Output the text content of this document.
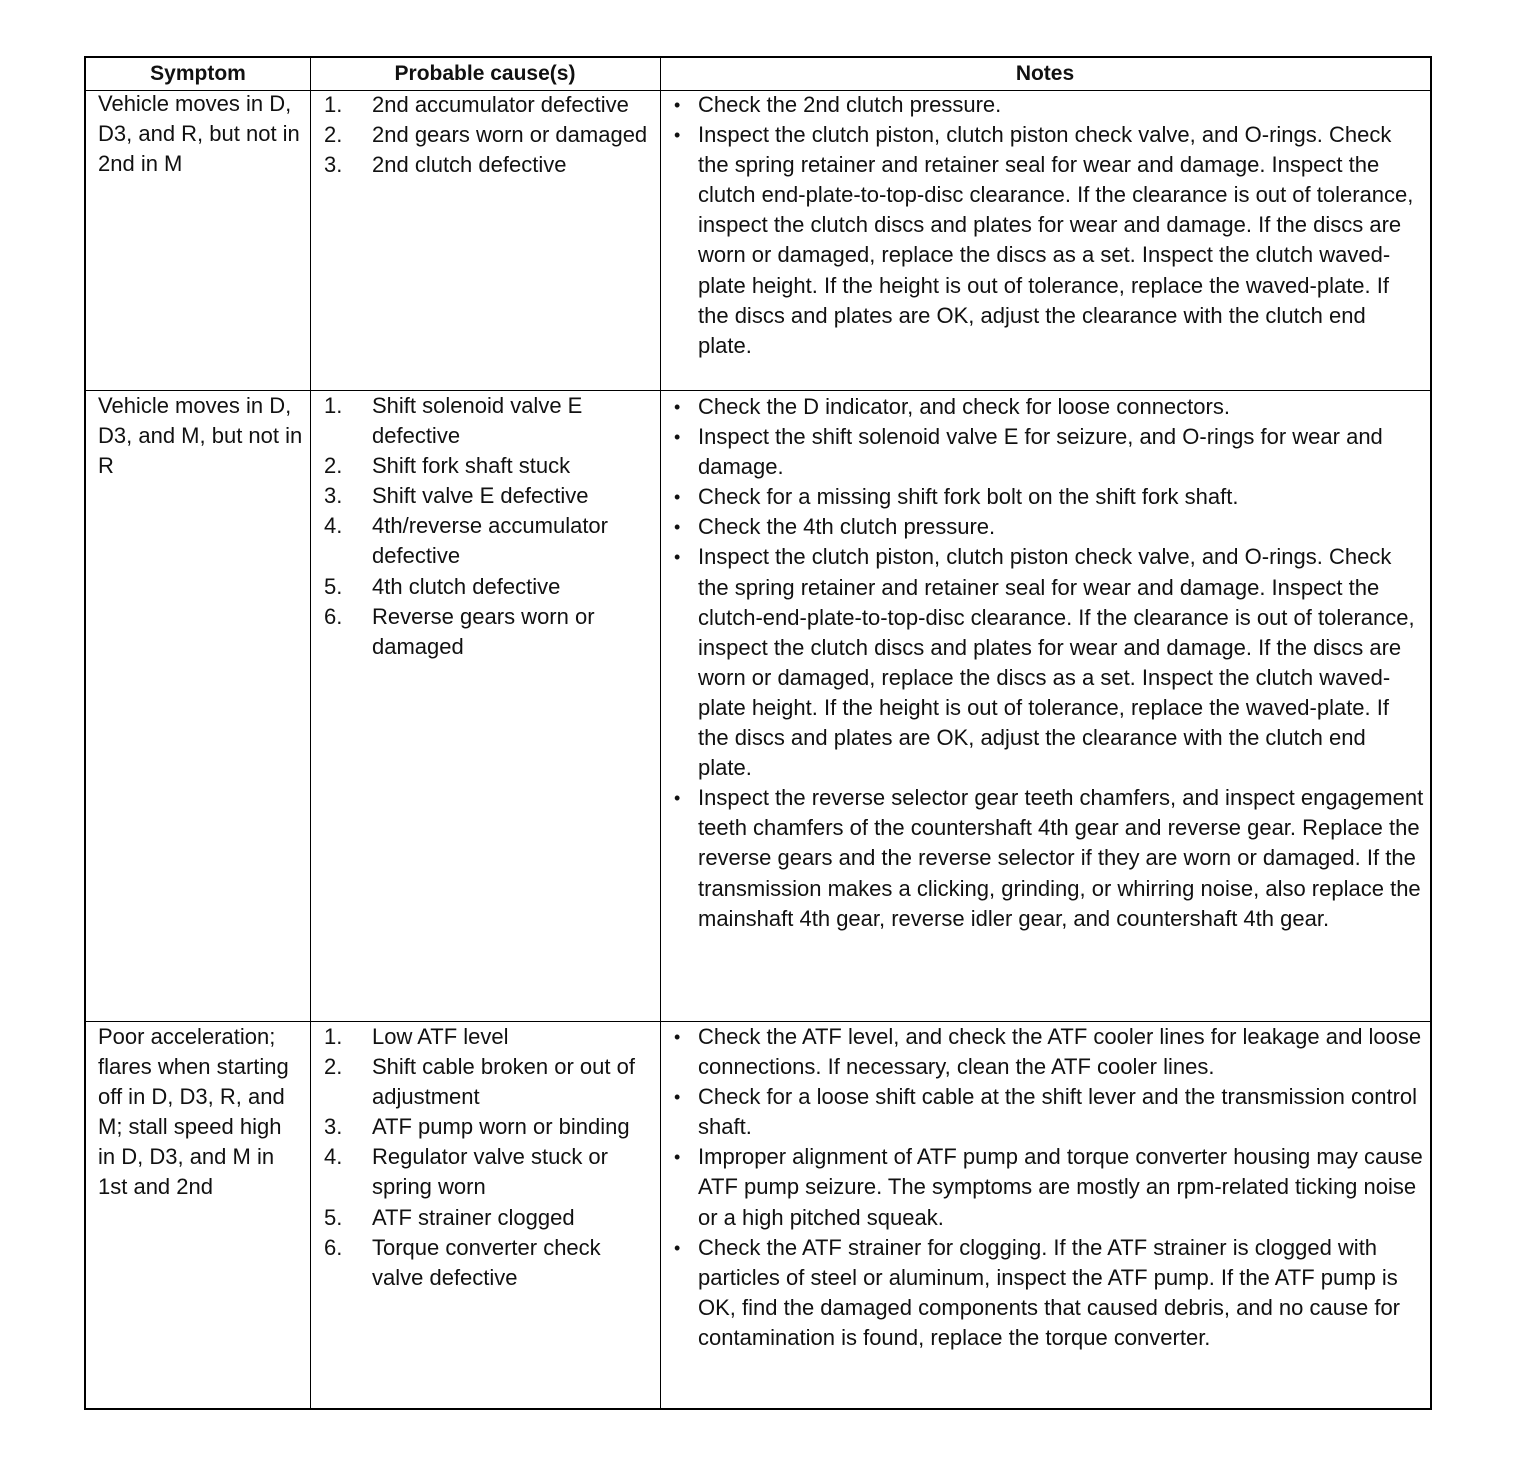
Symptom	Probable cause(s)	Notes
Vehicle moves in D, D3, and R, but not in 2nd in M
1. 2nd accumulator defective
2. 2nd gears worn or damaged
3. 2nd clutch defective
• Check the 2nd clutch pressure.
• Inspect the clutch piston, clutch piston check valve, and O-rings. Check the spring retainer and retainer seal for wear and damage. Inspect the clutch end-plate-to-top-disc clearance. If the clearance is out of tolerance, inspect the clutch discs and plates for wear and damage. If the discs are worn or damaged, replace the discs as a set. Inspect the clutch waved-plate height. If the height is out of tolerance, replace the waved-plate. If the discs and plates are OK, adjust the clearance with the clutch end plate.
Vehicle moves in D, D3, and M, but not in R
1. Shift solenoid valve E defective
2. Shift fork shaft stuck
3. Shift valve E defective
4. 4th/reverse accumulator defective
5. 4th clutch defective
6. Reverse gears worn or damaged
• Check the D indicator, and check for loose connectors.
• Inspect the shift solenoid valve E for seizure, and O-rings for wear and damage.
• Check for a missing shift fork bolt on the shift fork shaft.
• Check the 4th clutch pressure.
• Inspect the clutch piston, clutch piston check valve, and O-rings. Check the spring retainer and retainer seal for wear and damage. Inspect the clutch-end-plate-to-top-disc clearance. If the clearance is out of tolerance, inspect the clutch discs and plates for wear and damage. If the discs are worn or damaged, replace the discs as a set. Inspect the clutch waved-plate height. If the height is out of tolerance, replace the waved-plate. If the discs and plates are OK, adjust the clearance with the clutch end plate.
• Inspect the reverse selector gear teeth chamfers, and inspect engagement teeth chamfers of the countershaft 4th gear and reverse gear. Replace the reverse gears and the reverse selector if they are worn or damaged. If the transmission makes a clicking, grinding, or whirring noise, also replace the mainshaft 4th gear, reverse idler gear, and countershaft 4th gear.
Poor acceleration; flares when starting off in D, D3, R, and M; stall speed high in D, D3, and M in 1st and 2nd
1. Low ATF level
2. Shift cable broken or out of adjustment
3. ATF pump worn or binding
4. Regulator valve stuck or spring worn
5. ATF strainer clogged
6. Torque converter check valve defective
• Check the ATF level, and check the ATF cooler lines for leakage and loose connections. If necessary, clean the ATF cooler lines.
• Check for a loose shift cable at the shift lever and the transmission control shaft.
• Improper alignment of ATF pump and torque converter housing may cause ATF pump seizure. The symptoms are mostly an rpm-related ticking noise or a high pitched squeak.
• Check the ATF strainer for clogging. If the ATF strainer is clogged with particles of steel or aluminum, inspect the ATF pump. If the ATF pump is OK, find the damaged components that caused debris, and no cause for contamination is found, replace the torque converter.
